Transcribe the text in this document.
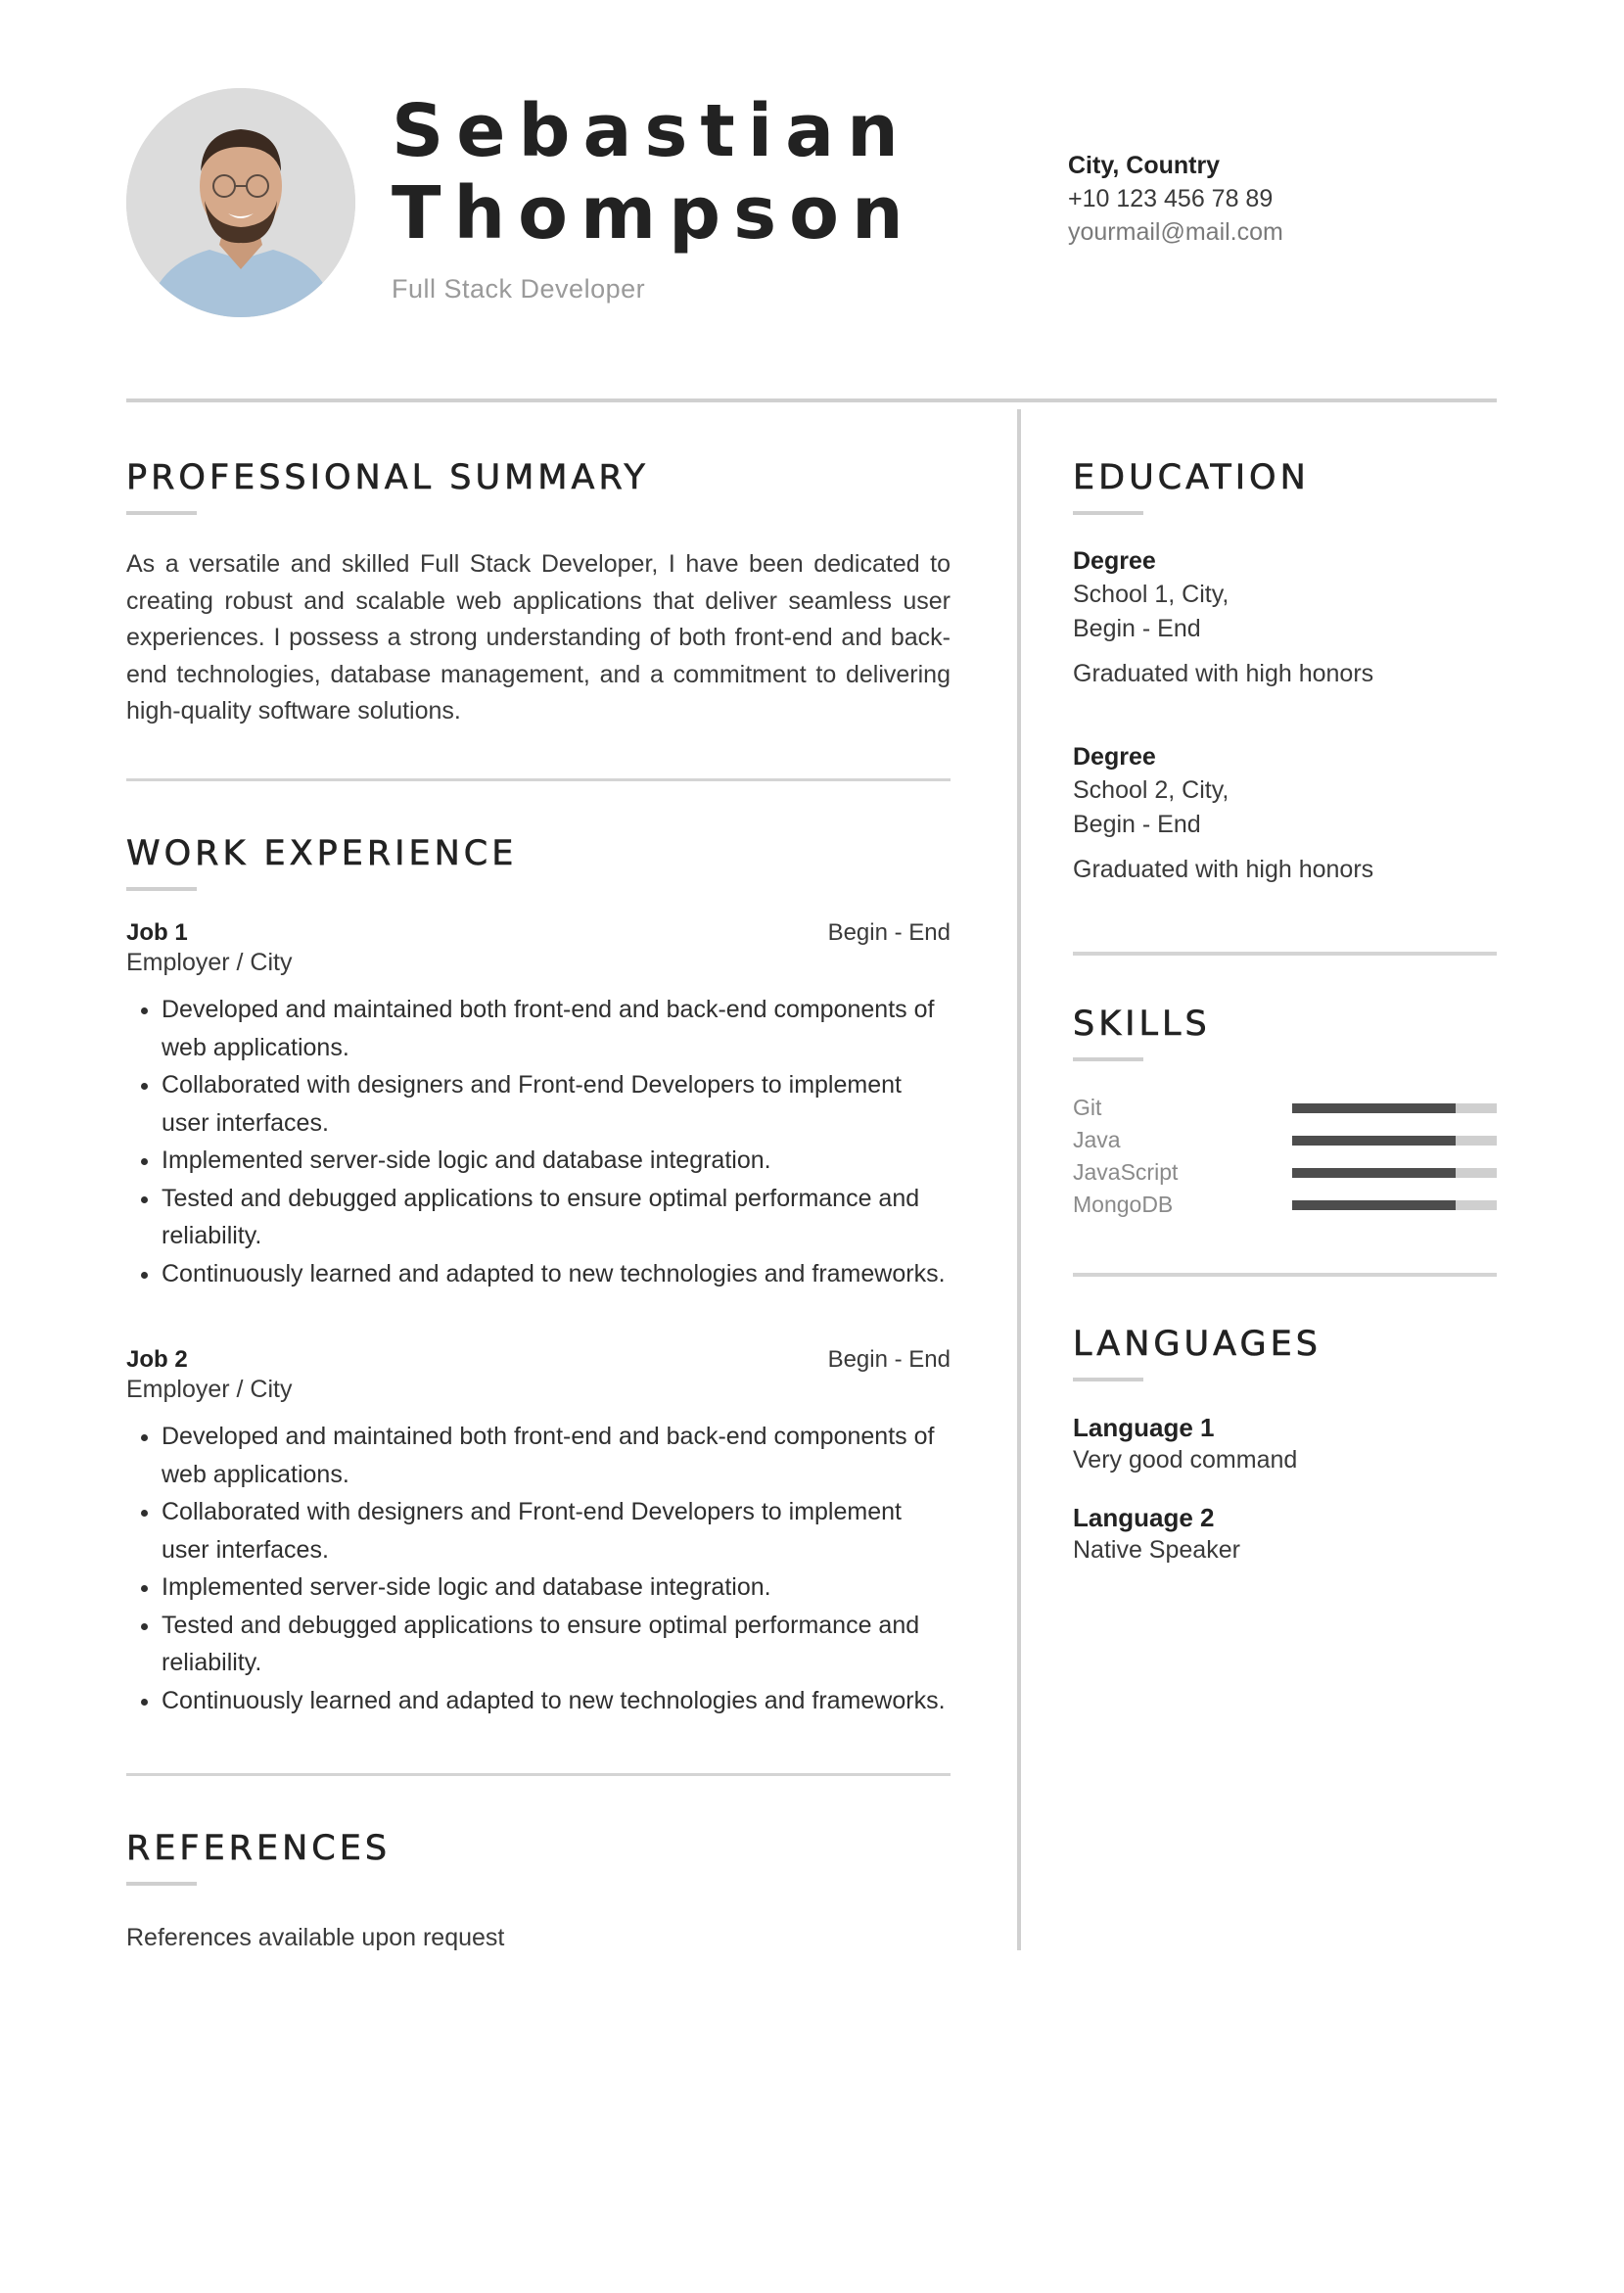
Sebastian
Thompson
Full Stack Developer
City, Country
+10 123 456 78 89
yourmail@mail.com
PROFESSIONAL SUMMARY

As a versatile and skilled Full Stack Developer, I have been dedicated to creating robust and scalable web applications that deliver seamless user experiences. I possess a strong understanding of both front-end and back-end technologies, database management, and a commitment to delivering high-quality software solutions.

WORK EXPERIENCE
Job 1	Begin - End
Employer / City
• Developed and maintained both front-end and back-end components of web applications.
• Collaborated with designers and Front-end Developers to implement user interfaces.
• Implemented server-side logic and database integration.
• Tested and debugged applications to ensure optimal performance and reliability.
• Continuously learned and adapted to new technologies and frameworks.
Job 2	Begin - End
Employer / City
• Developed and maintained both front-end and back-end components of web applications.
• Collaborated with designers and Front-end Developers to implement user interfaces.
• Implemented server-side logic and database integration.
• Tested and debugged applications to ensure optimal performance and reliability.
• Continuously learned and adapted to new technologies and frameworks.
REFERENCES
References available upon request
EDUCATION
Degree
School 1, City,
Begin - End
Graduated with high honors
Degree
School 2, City,
Begin - End
Graduated with high honors
SKILLS
Git
Java
JavaScript
MongoDB
LANGUAGES
Language 1
Very good command
Language 2
Native Speaker
